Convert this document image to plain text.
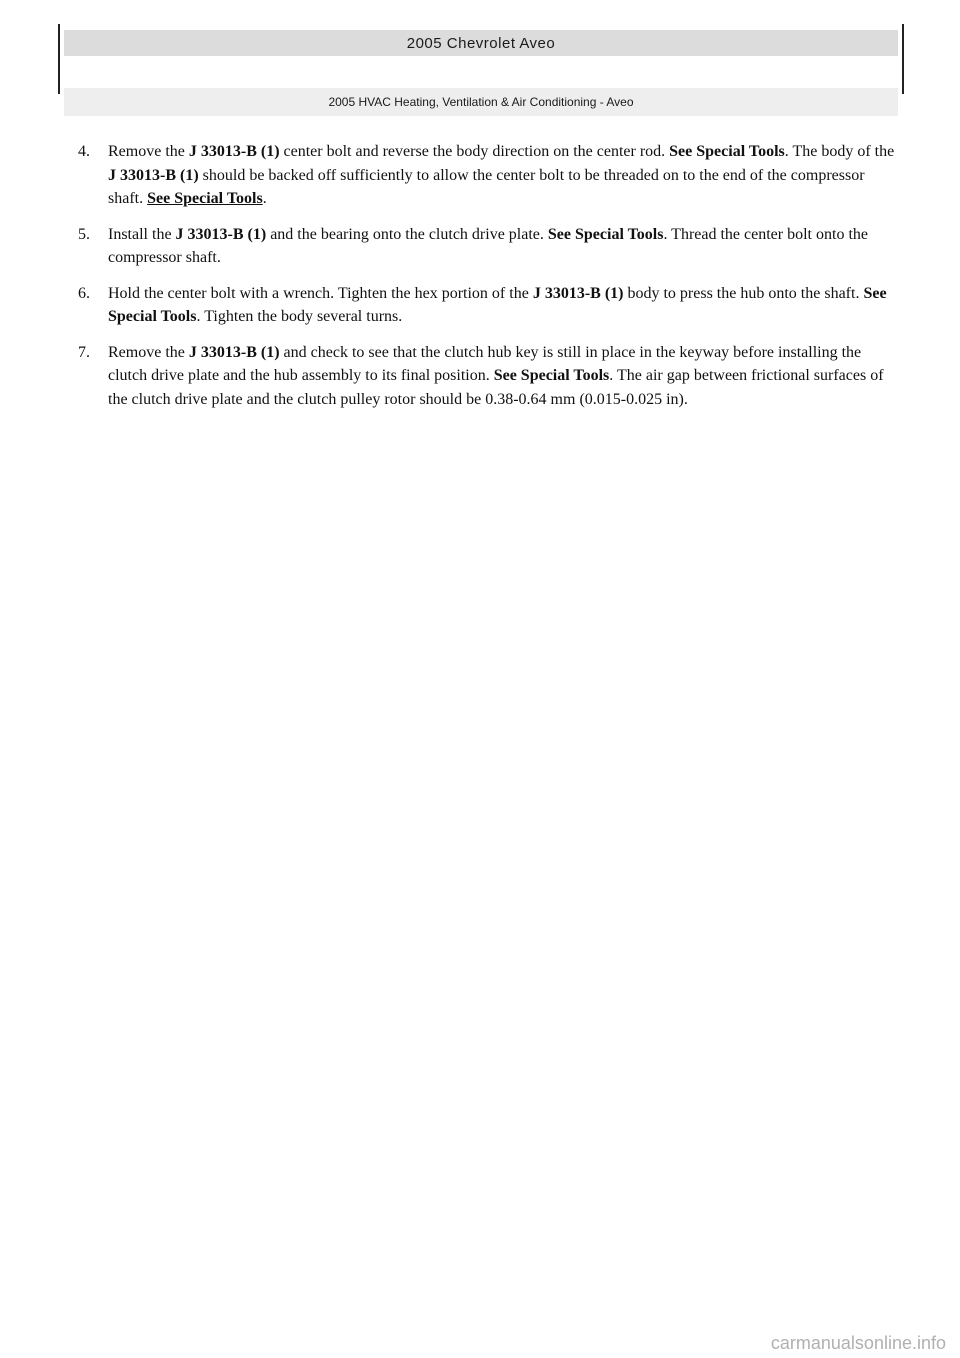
2005 Chevrolet Aveo
2005 HVAC Heating, Ventilation & Air Conditioning - Aveo
4.	Remove the J 33013-B (1) center bolt and reverse the body direction on the center rod. See Special Tools. The body of the J 33013-B (1) should be backed off sufficiently to allow the center bolt to be threaded on to the end of the compressor shaft. See Special Tools.
5.	Install the J 33013-B (1) and the bearing onto the clutch drive plate. See Special Tools. Thread the center bolt onto the compressor shaft.
6.	Hold the center bolt with a wrench. Tighten the hex portion of the J 33013-B (1) body to press the hub onto the shaft. See Special Tools. Tighten the body several turns.
7.	Remove the J 33013-B (1) and check to see that the clutch hub key is still in place in the keyway before installing the clutch drive plate and the hub assembly to its final position. See Special Tools. The air gap between frictional surfaces of the clutch drive plate and the clutch pulley rotor should be 0.38-0.64 mm (0.015-0.025 in).
carmanualsonline.info
